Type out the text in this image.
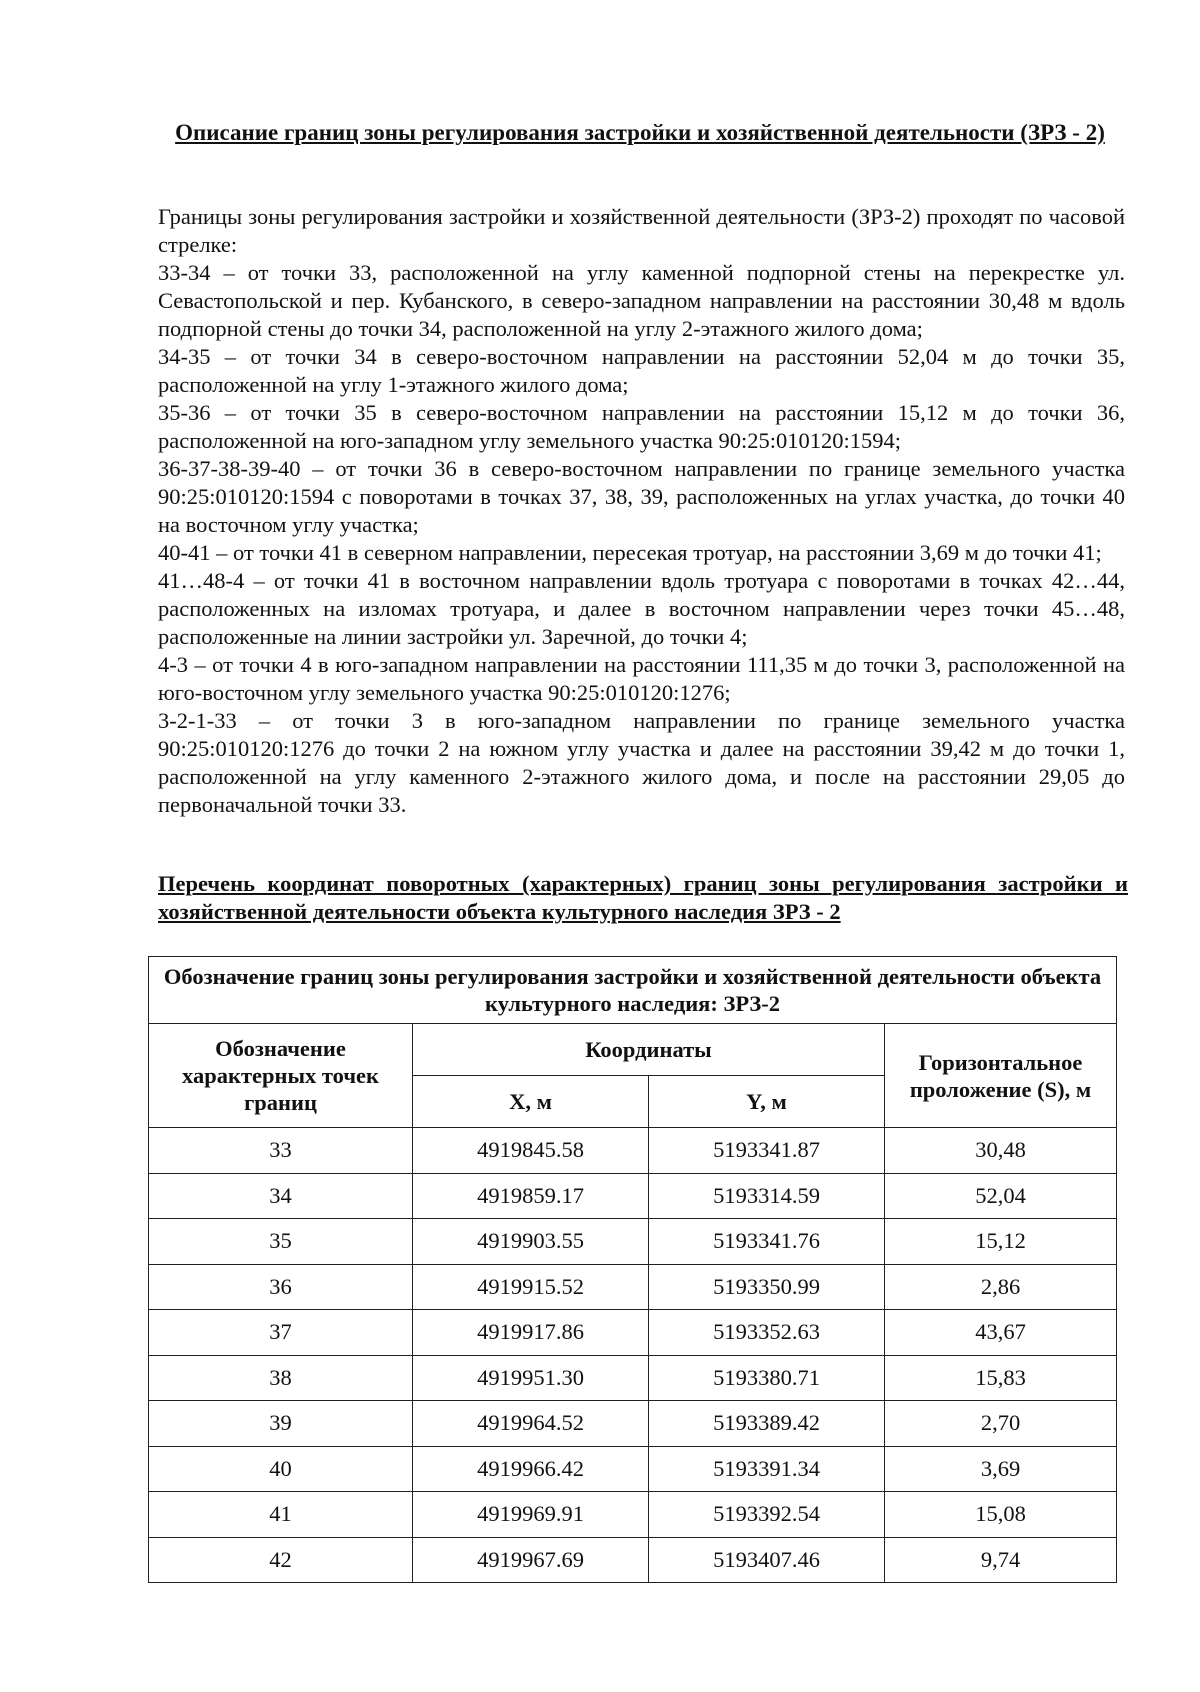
Описание границ зоны регулирования застройки и хозяйственной деятельности (ЗРЗ - 2)

Границы зоны регулирования застройки и хозяйственной деятельности (ЗРЗ-2) проходят по часовой стрелке:

33-34 – от точки 33, расположенной на углу каменной подпорной стены на перекрестке ул. Севастопольской и пер. Кубанского, в северо-западном направлении на расстоянии 30,48 м вдоль подпорной стены до точки 34, расположенной на углу 2-этажного жилого дома;

34-35 – от точки 34 в северо-восточном направлении на расстоянии 52,04 м до точки 35, расположенной на углу 1-этажного жилого дома;

35-36 – от точки 35 в северо-восточном направлении на расстоянии 15,12 м до точки 36, расположенной на юго-западном углу земельного участка 90:25:010120:1594;

36-37-38-39-40 – от точки 36 в северо-восточном направлении по границе земельного участка 90:25:010120:1594 с поворотами в точках 37, 38, 39, расположенных на углах участка, до точки 40 на восточном углу участка;

40-41 – от точки 41 в северном направлении, пересекая тротуар, на расстоянии 3,69 м до точки 41;

41…48-4 – от точки 41 в восточном направлении вдоль тротуара с поворотами в точках 42…44, расположенных на изломах тротуара, и далее в восточном направлении через точки 45…48, расположенные на линии застройки ул. Заречной, до точки 4;

4-3 – от точки 4 в юго-западном направлении на расстоянии 111,35 м до точки 3, расположенной на юго-восточном углу земельного участка 90:25:010120:1276;

3-2-1-33 – от точки 3 в юго-западном направлении по границе земельного участка 90:25:010120:1276 до точки 2 на южном углу участка и далее на расстоянии 39,42 м до точки 1, расположенной на углу каменного 2-этажного жилого дома, и после на расстоянии 29,05 до первоначальной точки 33.

Перечень координат поворотных (характерных) границ зоны регулирования застройки и хозяйственной деятельности объекта культурного наследия ЗРЗ - 2
Обозначение границ зоны регулирования застройки и хозяйственной деятельности объекта культурного наследия: ЗРЗ-2			
Обозначение характерных точек границ	Координаты		Горизонтальное проложение (S), м
	X, м	Y, м	
33	4919845.58	5193341.87	30,48
34	4919859.17	5193314.59	52,04
35	4919903.55	5193341.76	15,12
36	4919915.52	5193350.99	2,86
37	4919917.86	5193352.63	43,67
38	4919951.30	5193380.71	15,83
39	4919964.52	5193389.42	2,70
40	4919966.42	5193391.34	3,69
41	4919969.91	5193392.54	15,08
42	4919967.69	5193407.46	9,74
